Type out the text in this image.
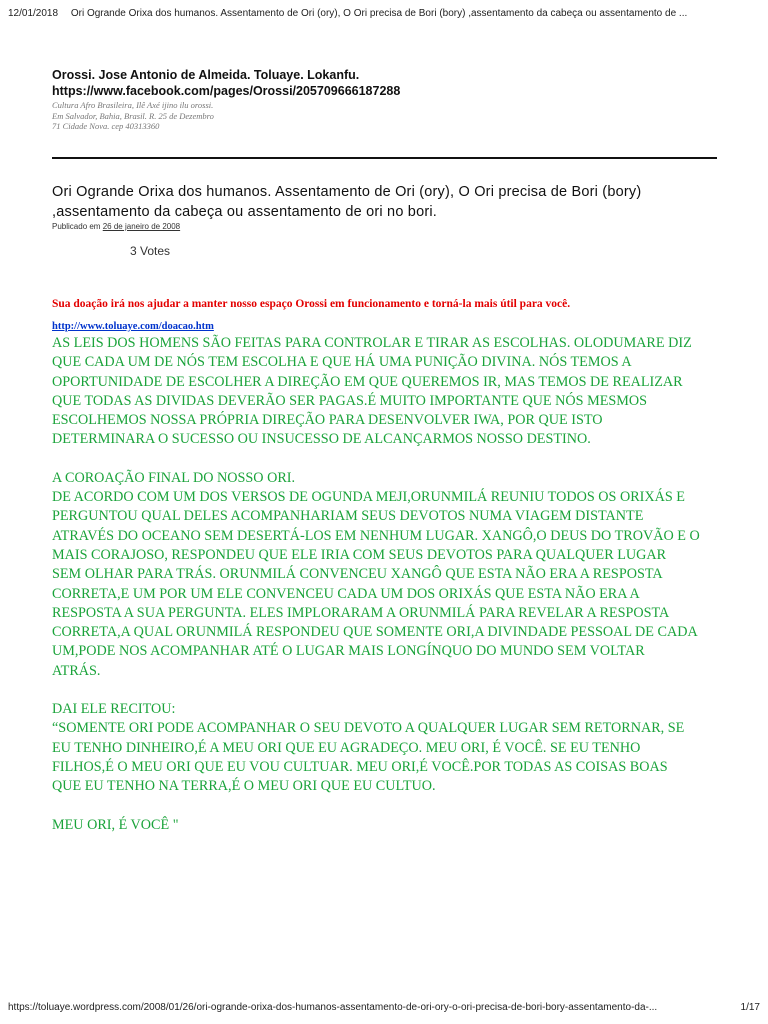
12/01/2018 Ori Ogrande Orixa dos humanos. Assentamento de Ori (ory), O Ori precisa de Bori (bory) ,assentamento da cabeça ou assentamento de ...
Orossi. Jose Antonio de Almeida. Toluaye. Lokanfu.
https://www.facebook.com/pages/Orossi/205709666187288
Cultura Afro Brasileira, Ilê Axé ijino ilu orossi. Em Salvador, Bahia, Brasil. R. 25 de Dezembro 71 Cidade Nova. cep 40313360
Ori Ogrande Orixa dos humanos. Assentamento de Ori (ory), O Ori precisa de Bori (bory) ,assentamento da cabeça ou assentamento de ori no bori.
Publicado em 26 de janeiro de 2008
3 Votes
Sua doação irá nos ajudar a manter nosso espaço Orossi em funcionamento e torná-la mais útil para você.
http://www.toluaye.com/doacao.htm

AS LEIS DOS HOMENS SÃO FEITAS PARA CONTROLAR E TIRAR AS ESCOLHAS. OLODUMARE DIZ
QUE CADA UM DE NÓS TEM ESCOLHA E QUE HÁ UMA PUNIÇÃO DIVINA. NÓS TEMOS A
OPORTUNIDADE DE ESCOLHER A DIREÇÃO EM QUE QUEREMOS IR, MAS TEMOS DE REALIZAR
QUE TODAS AS DIVIDAS DEVERÃO SER PAGAS.É MUITO IMPORTANTE QUE NÓS MESMOS
ESCOLHEMOS NOSSA PRÓPRIA DIREÇÃO PARA DESENVOLVER IWA, POR QUE ISTO
DETERMINARA O SUCESSO OU INSUCESSO DE ALCANÇARMOS NOSSO DESTINO.

A COROAÇÃO FINAL DO NOSSO ORI.
DE ACORDO COM UM DOS VERSOS DE OGUNDA MEJI,ORUNMILÁ REUNIU TODOS OS ORIXÁS E
PERGUNTOU QUAL DELES ACOMPANHARIAM SEUS DEVOTOS NUMA VIAGEM DISTANTE
ATRAVÉS DO OCEANO SEM DESERTÁ-LOS EM NENHUM LUGAR. XANGÔ,O DEUS DO TROVÃO E O
MAIS CORAJOSO, RESPONDEU QUE ELE IRIA COM SEUS DEVOTOS PARA QUALQUER LUGAR
SEM OLHAR PARA TRÁS. ORUNMILÁ CONVENCEU XANGÔ QUE ESTA NÃO ERA A RESPOSTA
CORRETA,E UM POR UM ELE CONVENCEU CADA UM DOS ORIXÁS QUE ESTA NÃO ERA A
RESPOSTA A SUA PERGUNTA. ELES IMPLORARAM A ORUNMILÁ PARA REVELAR A RESPOSTA
CORRETA,A QUAL ORUNMILÁ RESPONDEU QUE SOMENTE ORI,A DIVINDADE PESSOAL DE CADA
UM,PODE NOS ACOMPANHAR ATÉ O LUGAR MAIS LONGÍNQUO DO MUNDO SEM VOLTAR
ATRÁS.

DAI ELE RECITOU:
“SOMENTE ORI PODE ACOMPANHAR O SEU DEVOTO A QUALQUER LUGAR SEM RETORNAR, SE
EU TENHO DINHEIRO,É A MEU ORI QUE EU AGRADEÇO. MEU ORI, É VOCÊ. SE EU TENHO
FILHOS,É O MEU ORI QUE EU VOU CULTUAR. MEU ORI,É VOCÊ.POR TODAS AS COISAS BOAS
QUE EU TENHO NA TERRA,É O MEU ORI QUE EU CULTUO.

MEU ORI, É VOCÊ "

https://toluaye.wordpress.com/2008/01/26/ori-ogrande-orixa-dos-humanos-assentamento-de-ori-ory-o-ori-precisa-de-bori-bory-assentamento-da-...	1/17
